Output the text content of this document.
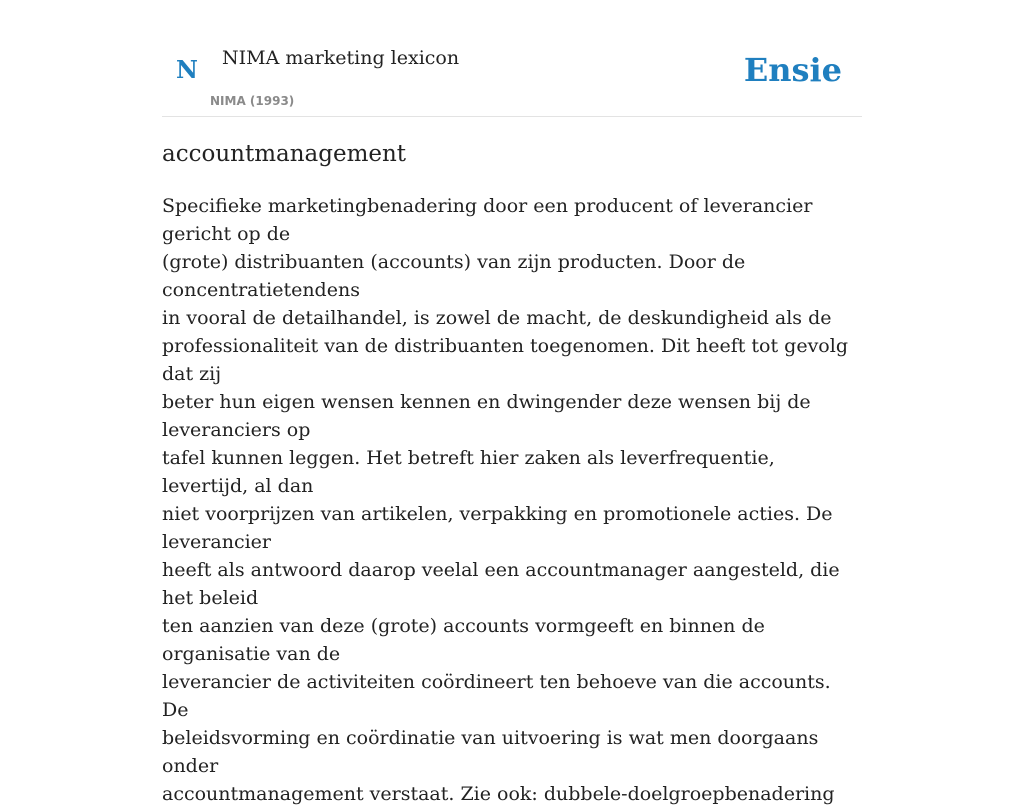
N NIMA marketing lexicon
NIMA (1993)
Ensie
accountmanagement

Specifieke marketingbenadering door een producent of leverancier gericht op de
(grote) distribuanten (accounts) van zijn producten. Door de concentratietendens
in vooral de detailhandel, is zowel de macht, de deskundigheid als de
professionaliteit van de distribuanten toegenomen. Dit heeft tot gevolg dat zij
beter hun eigen wensen kennen en dwingender deze wensen bij de leveranciers op
tafel kunnen leggen. Het betreft hier zaken als leverfrequentie, levertijd, al dan
niet voorprijzen van artikelen, verpakking en promotionele acties. De leverancier
heeft als antwoord daarop veelal een accountmanager aangesteld, die het beleid
ten aanzien van deze (grote) accounts vormgeeft en binnen de organisatie van de
leverancier de activiteiten coördineert ten behoeve van die accounts. De
beleidsvorming en coördinatie van uitvoering is wat men doorgaans onder
accountmanagement verstaat. Zie ook: dubbele-doelgroepbenadering
